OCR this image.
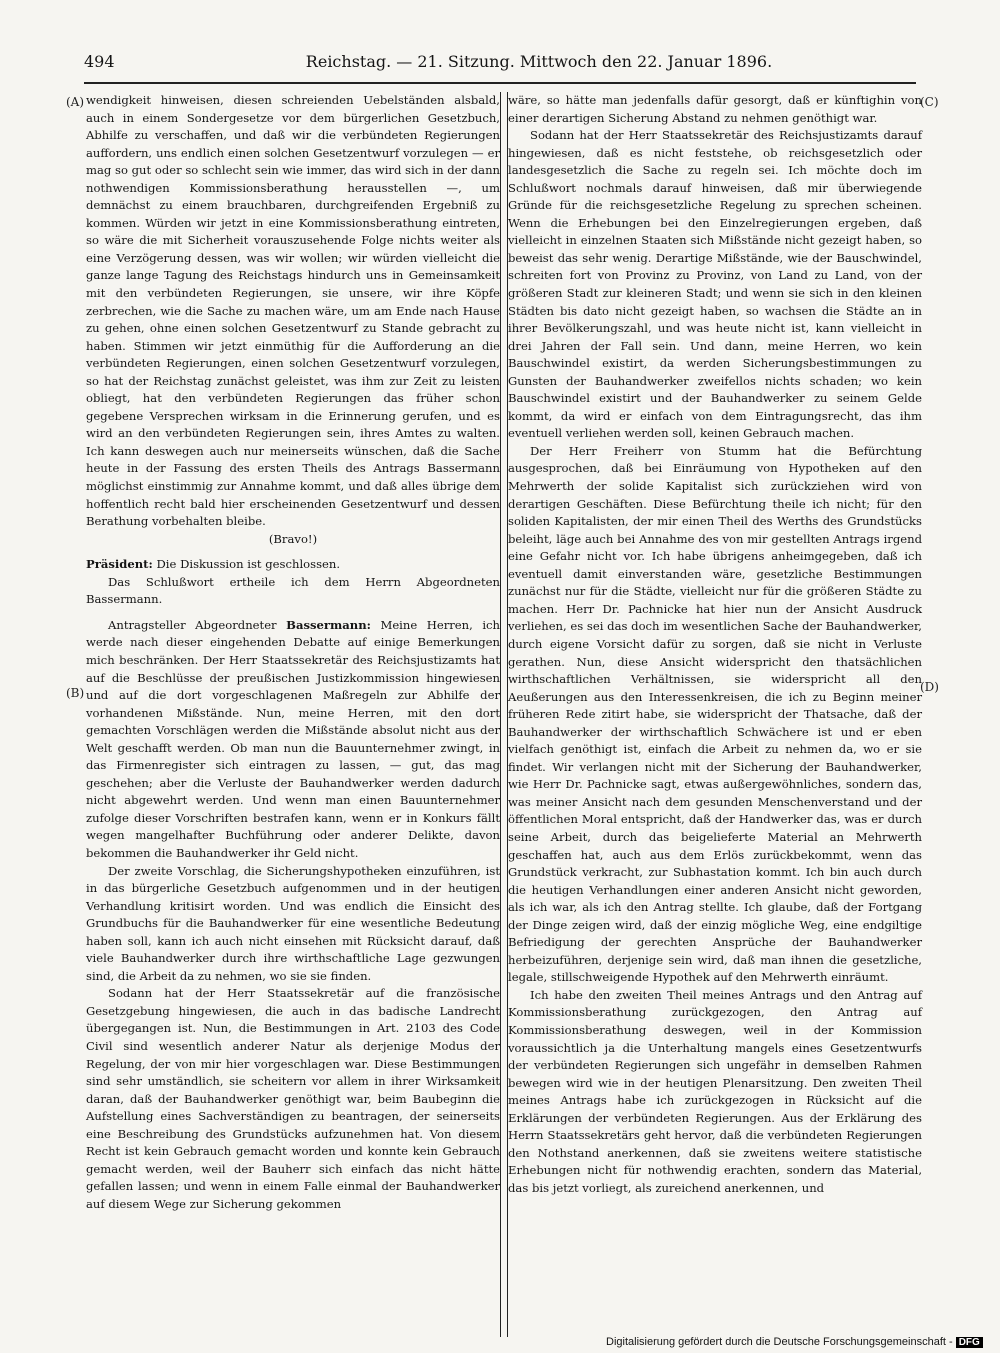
494	Reichstag. — 21. Sitzung. Mittwoch den 22. Januar 1896.
(A)
(B)
(C)
(D)

wendigkeit hinweisen, diesen schreienden Uebelständen alsbald, auch in einem Sondergesetze vor dem bürgerlichen Gesetzbuch, Abhilfe zu verschaffen, und daß wir die verbündeten Regierungen auffordern, uns endlich einen solchen Gesetzentwurf vorzulegen — er mag so gut oder so schlecht sein wie immer, das wird sich in der dann nothwendigen Kommissionsberathung herausstellen —, um demnächst zu einem brauchbaren, durchgreifenden Ergebniß zu kommen. Würden wir jetzt in eine Kommissionsberathung eintreten, so wäre die mit Sicherheit vorauszusehende Folge nichts weiter als eine Verzögerung dessen, was wir wollen; wir würden vielleicht die ganze lange Tagung des Reichstags hindurch uns in Gemeinsamkeit mit den verbündeten Regierungen, sie unsere, wir ihre Köpfe zerbrechen, wie die Sache zu machen wäre, um am Ende nach Hause zu gehen, ohne einen solchen Gesetzentwurf zu Stande gebracht zu haben. Stimmen wir jetzt einmüthig für die Aufforderung an die verbündeten Regierungen, einen solchen Gesetzentwurf vorzulegen, so hat der Reichstag zunächst geleistet, was ihm zur Zeit zu leisten obliegt, hat den verbündeten Regierungen das früher schon gegebene Versprechen wirksam in die Erinnerung gerufen, und es wird an den verbündeten Regierungen sein, ihres Amtes zu walten. Ich kann deswegen auch nur meinerseits wünschen, daß die Sache heute in der Fassung des ersten Theils des Antrags Bassermann möglichst einstimmig zur Annahme kommt, und daß alles übrige dem hoffentlich recht bald hier erscheinenden Gesetzentwurf und dessen Berathung vorbehalten bleibe.

(Bravo!)

Präsident: Die Diskussion ist geschlossen.

Das Schlußwort ertheile ich dem Herrn Abgeordneten Bassermann.

Antragsteller Abgeordneter Bassermann: Meine Herren, ich werde nach dieser eingehenden Debatte auf einige Bemerkungen mich beschränken. Der Herr Staatssekretär des Reichsjustizamts hat auf die Beschlüsse der preußischen Justizkommission hingewiesen und auf die dort vorgeschlagenen Maßregeln zur Abhilfe der vorhandenen Mißstände. Nun, meine Herren, mit den dort gemachten Vorschlägen werden die Mißstände absolut nicht aus der Welt geschafft werden. Ob man nun die Bauunternehmer zwingt, in das Firmenregister sich eintragen zu lassen, — gut, das mag geschehen; aber die Verluste der Bauhandwerker werden dadurch nicht abgewehrt werden. Und wenn man einen Bauunternehmer zufolge dieser Vorschriften bestrafen kann, wenn er in Konkurs fällt wegen mangelhafter Buchführung oder anderer Delikte, davon bekommen die Bauhandwerker ihr Geld nicht.

Der zweite Vorschlag, die Sicherungshypotheken einzuführen, ist in das bürgerliche Gesetzbuch aufgenommen und in der heutigen Verhandlung kritisirt worden. Und was endlich die Einsicht des Grundbuchs für die Bauhandwerker für eine wesentliche Bedeutung haben soll, kann ich auch nicht einsehen mit Rücksicht darauf, daß viele Bauhandwerker durch ihre wirthschaftliche Lage gezwungen sind, die Arbeit da zu nehmen, wo sie sie finden.

Sodann hat der Herr Staatssekretär auf die französische Gesetzgebung hingewiesen, die auch in das badische Landrecht übergegangen ist. Nun, die Bestimmungen in Art. 2103 des Code Civil sind wesentlich anderer Natur als derjenige Modus der Regelung, der von mir hier vorgeschlagen war. Diese Bestimmungen sind sehr umständlich, sie scheitern vor allem in ihrer Wirksamkeit daran, daß der Bauhandwerker genöthigt war, beim Baubeginn die Aufstellung eines Sachverständigen zu beantragen, der seinerseits eine Beschreibung des Grundstücks aufzunehmen hat. Von diesem Recht ist kein Gebrauch gemacht worden und konnte kein Gebrauch gemacht werden, weil der Bauherr sich einfach das nicht hätte gefallen lassen; und wenn in einem Falle einmal der Bauhandwerker auf diesem Wege zur Sicherung gekommen

wäre, so hätte man jedenfalls dafür gesorgt, daß er künftighin von einer derartigen Sicherung Abstand zu nehmen genöthigt war.

Sodann hat der Herr Staatssekretär des Reichsjustizamts darauf hingewiesen, daß es nicht feststehe, ob reichsgesetzlich oder landesgesetzlich die Sache zu regeln sei. Ich möchte doch im Schlußwort nochmals darauf hinweisen, daß mir überwiegende Gründe für die reichsgesetzliche Regelung zu sprechen scheinen. Wenn die Erhebungen bei den Einzelregierungen ergeben, daß vielleicht in einzelnen Staaten sich Mißstände nicht gezeigt haben, so beweist das sehr wenig. Derartige Mißstände, wie der Bauschwindel, schreiten fort von Provinz zu Provinz, von Land zu Land, von der größeren Stadt zur kleineren Stadt; und wenn sie sich in den kleinen Städten bis dato nicht gezeigt haben, so wachsen die Städte an in ihrer Bevölkerungszahl, und was heute nicht ist, kann vielleicht in drei Jahren der Fall sein. Und dann, meine Herren, wo kein Bauschwindel existirt, da werden Sicherungsbestimmungen zu Gunsten der Bauhandwerker zweifellos nichts schaden; wo kein Bauschwindel existirt und der Bauhandwerker zu seinem Gelde kommt, da wird er einfach von dem Eintragungsrecht, das ihm eventuell verliehen werden soll, keinen Gebrauch machen.

Der Herr Freiherr von Stumm hat die Befürchtung ausgesprochen, daß bei Einräumung von Hypotheken auf den Mehrwerth der solide Kapitalist sich zurückziehen wird von derartigen Geschäften. Diese Befürchtung theile ich nicht; für den soliden Kapitalisten, der mir einen Theil des Werths des Grundstücks beleiht, läge auch bei Annahme des von mir gestellten Antrags irgend eine Gefahr nicht vor. Ich habe übrigens anheimgegeben, daß ich eventuell damit einverstanden wäre, gesetzliche Bestimmungen zunächst nur für die Städte, vielleicht nur für die größeren Städte zu machen. Herr Dr. Pachnicke hat hier nun der Ansicht Ausdruck verliehen, es sei das doch im wesentlichen Sache der Bauhandwerker, durch eigene Vorsicht dafür zu sorgen, daß sie nicht in Verluste gerathen. Nun, diese Ansicht widerspricht den thatsächlichen wirthschaftlichen Verhältnissen, sie widerspricht all den Aeußerungen aus den Interessenkreisen, die ich zu Beginn meiner früheren Rede zitirt habe, sie widerspricht der Thatsache, daß der Bauhandwerker der wirthschaftlich Schwächere ist und er eben vielfach genöthigt ist, einfach die Arbeit zu nehmen da, wo er sie findet. Wir verlangen nicht mit der Sicherung der Bauhandwerker, wie Herr Dr. Pachnicke sagt, etwas außergewöhnliches, sondern das, was meiner Ansicht nach dem gesunden Menschenverstand und der öffentlichen Moral entspricht, daß der Handwerker das, was er durch seine Arbeit, durch das beigelieferte Material an Mehrwerth geschaffen hat, auch aus dem Erlös zurückbekommt, wenn das Grundstück verkracht, zur Subhastation kommt. Ich bin auch durch die heutigen Verhandlungen einer anderen Ansicht nicht geworden, als ich war, als ich den Antrag stellte. Ich glaube, daß der Fortgang der Dinge zeigen wird, daß der einzig mögliche Weg, eine endgiltige Befriedigung der gerechten Ansprüche der Bauhandwerker herbeizuführen, derjenige sein wird, daß man ihnen die gesetzliche, legale, stillschweigende Hypothek auf den Mehrwerth einräumt.

Ich habe den zweiten Theil meines Antrags und den Antrag auf Kommissionsberathung zurückgezogen, den Antrag auf Kommissionsberathung deswegen, weil in der Kommission voraussichtlich ja die Unterhaltung mangels eines Gesetzentwurfs der verbündeten Regierungen sich ungefähr in demselben Rahmen bewegen wird wie in der heutigen Plenarsitzung. Den zweiten Theil meines Antrags habe ich zurückgezogen in Rücksicht auf die Erklärungen der verbündeten Regierungen. Aus der Erklärung des Herrn Staatssekretärs geht hervor, daß die verbündeten Regierungen den Nothstand anerkennen, daß sie zweitens weitere statistische Erhebungen nicht für nothwendig erachten, sondern das Material, das bis jetzt vorliegt, als zureichend anerkennen, und

Digitalisierung gefördert durch die Deutsche Forschungsgemeinschaft - DFG
